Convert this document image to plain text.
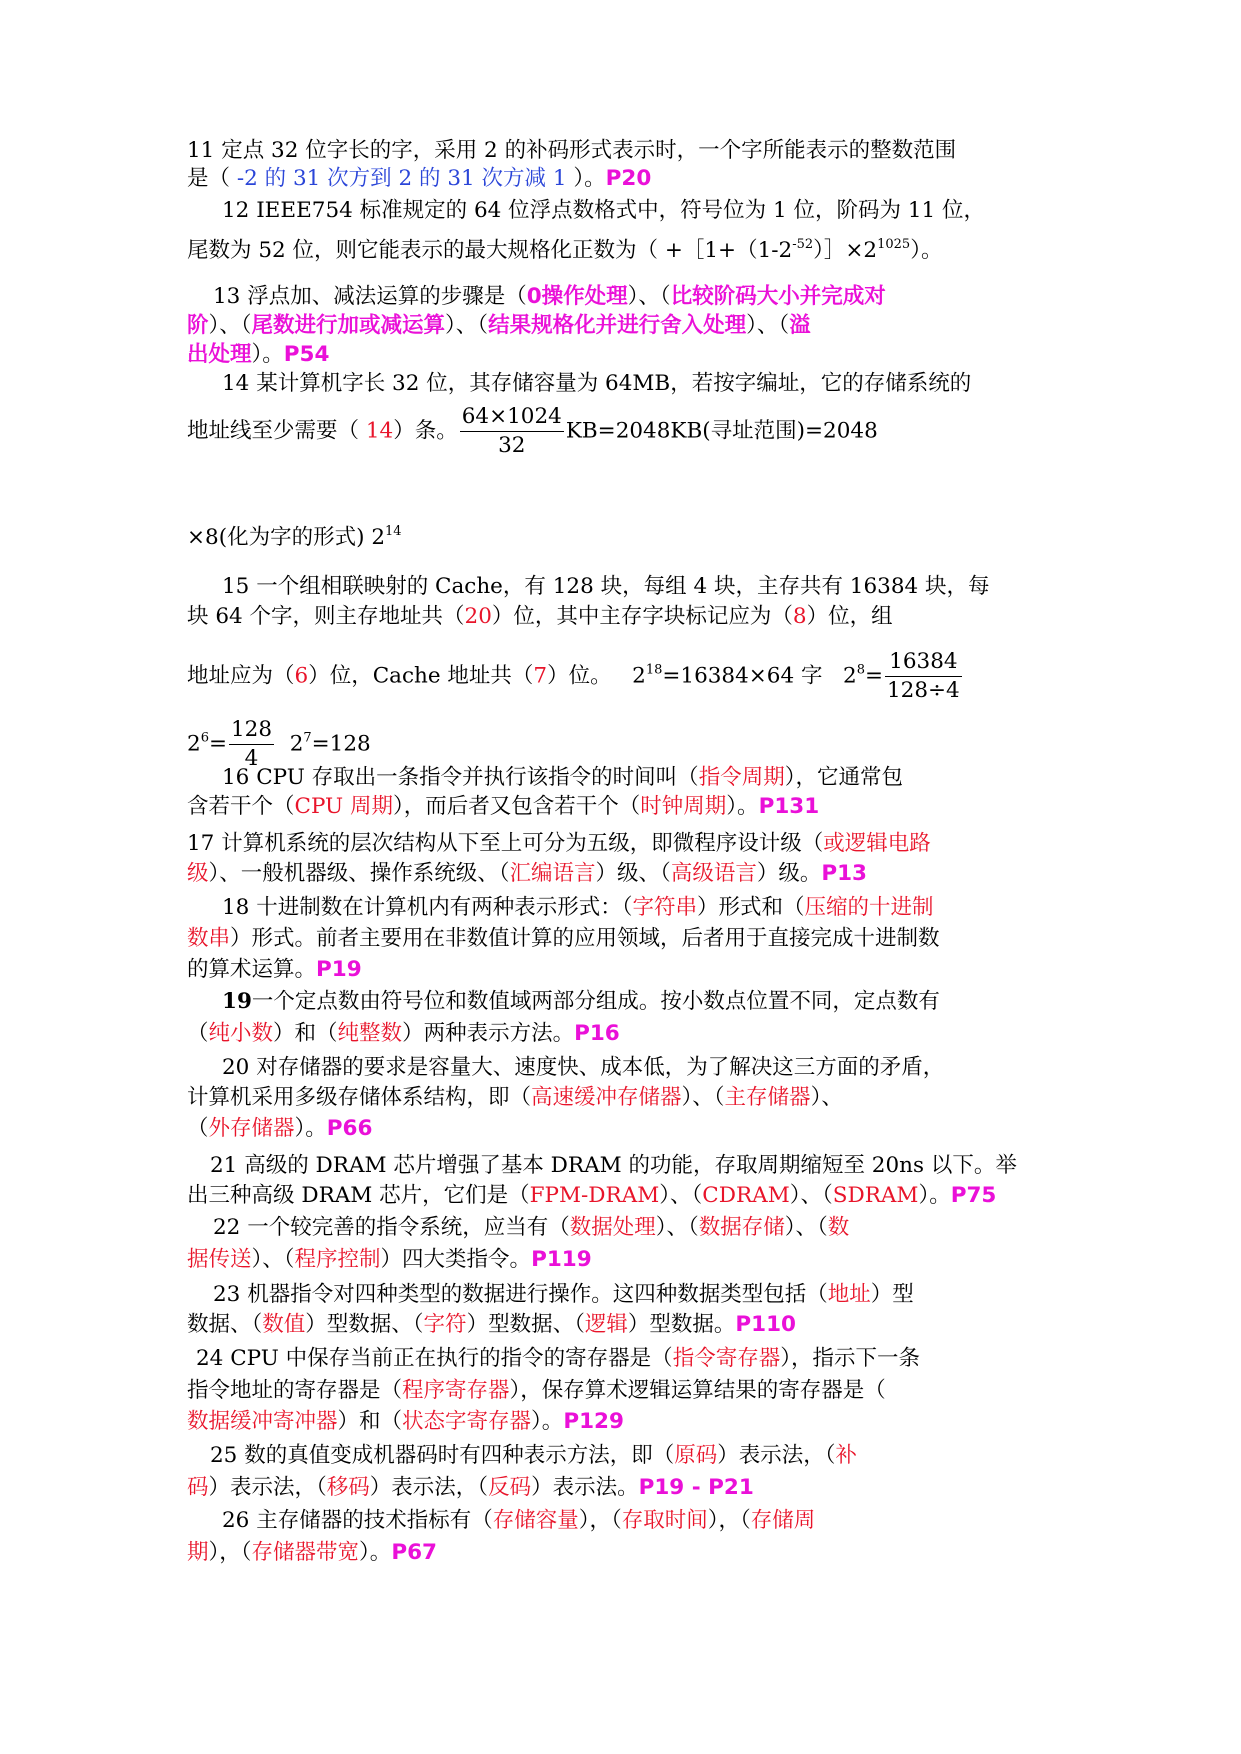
11 定点 32 位字长的字，采用 2 的补码形式表示时，一个字所能表示的整数范围
是（ -2 的 31 次方到 2 的 31 次方减 1 ）。P20
12 IEEE754 标准规定的 64 位浮点数格式中，符号位为 1 位，阶码为 11 位，
尾数为 52 位，则它能表示的最大规格化正数为（ $+[1+(1-2^{-52})]\times 2^{1025}$）。
13 浮点加、减法运算的步骤是（0操作处理）、（比较阶码大小并完成对
阶）、（尾数进行加或减运算）、（结果规格化并进行舍入处理）、（溢
出处理）。P54
14 某计算机字长 32 位，其存储容量为 64MB，若按字编址，它的存储系统的
地址线至少需要（ 14）条。 $\frac{64\times 1024}{32} KB=2048KB$(寻址范围)=2048
×8(化为字的形式) $2^{14}$
15 一个组相联映射的 Cache，有 128 块，每组 4 块，主存共有 16384 块，每
块 64 个字，则主存地址共（20）位，其中主存字块标记应为（8）位，组
地址应为（6）位，Cache 地址共（7）位。 $2^{18}=16384\times 64$ 字 $2^8= \frac{16384}{128\div 4}$
$2^6= \frac{128}{4} 2^7=128$
16 CPU 存取出一条指令并执行该指令的时间叫（指令周期），它通常包
含若干个（CPU 周期），而后者又包含若干个（时钟周期）。P131
17 计算机系统的层次结构从下至上可分为五级，即微程序设计级（或逻辑电路
级）、一般机器级、操作系统级、（汇编语言）级、（高级语言）级。P13
18 十进制数在计算机内有两种表示形式：（字符串）形式和（压缩的十进制
数串）形式。前者主要用在非数值计算的应用领域，后者用于直接完成十进制数
的算术运算。P19
19一个定点数由符号位和数值域两部分组成。按小数点位置不同，定点数有
（纯小数）和（纯整数）两种表示方法。P16
20 对存储器的要求是容量大、速度快、成本低，为了解决这三方面的矛盾，
计算机采用多级存储体系结构，即（高速缓冲存储器）、（主存储器）、
（外存储器）。P66
21 高级的 DRAM 芯片增强了基本 DRAM 的功能，存取周期缩短至 20ns 以下。举
出三种高级 DRAM 芯片，它们是（FPM-DRAM）、（CDRAM）、（SDRAM）。P75
22 一个较完善的指令系统，应当有（数据处理）、（数据存储）、（数
据传送）、（程序控制）四大类指令。P119
23 机器指令对四种类型的数据进行操作。这四种数据类型包括（地址）型
数据、（数值）型数据、（字符）型数据、（逻辑）型数据。P110
24 CPU 中保存当前正在执行的指令的寄存器是（指令寄存器），指示下一条
指令地址的寄存器是（程序寄存器），保存算术逻辑运算结果的寄存器是（
数据缓冲寄冲器）和（状态字寄存器）。P129
25 数的真值变成机器码时有四种表示方法，即（原码）表示法，（补
码）表示法，（移码）表示法，（反码）表示法。P19 - P21
26 主存储器的技术指标有（存储容量），（存取时间），（存储周
期），（存储器带宽）。P67
